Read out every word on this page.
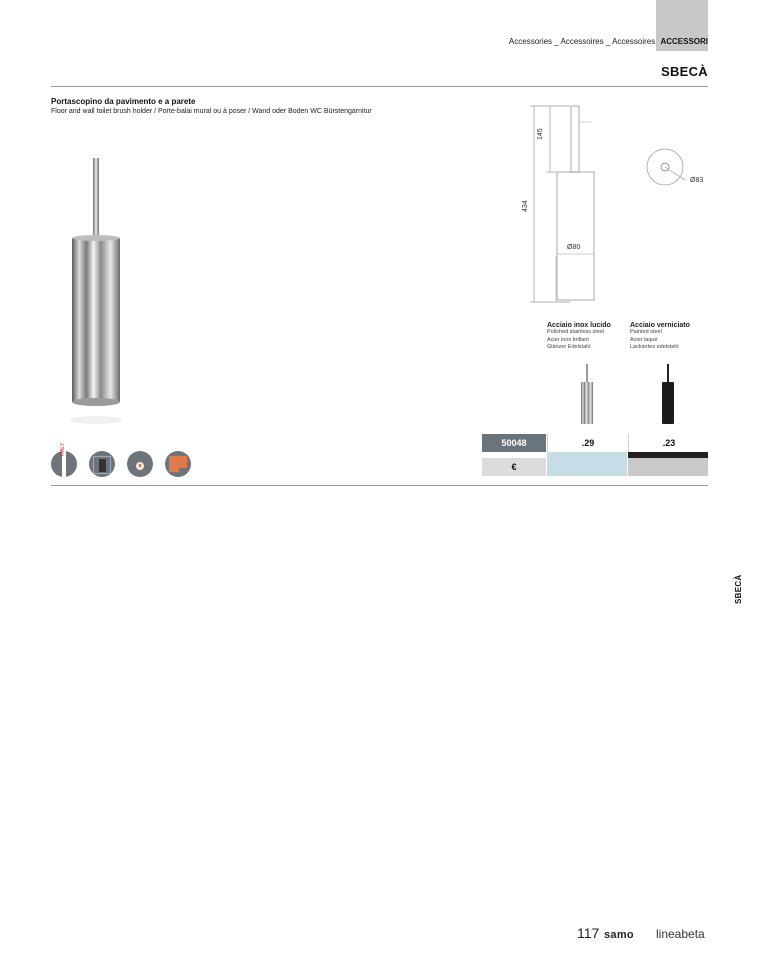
Accessories _ Accessoires _ Accessoires ACCESSORI
SBECÀ
Portascopino da pavimento e a parete
Floor and wall toilet brush holder / Porte-balai mural ou à poser / Wand oder Boden WC Bürstengarnitur
ITALY
145
434
Ø80
Ø83
Acciaio inox lucido
Polished stainless steel
Acier inox brillant
Glänzer Edelstahl
Acciaio verniciato
Painted steel
Acier laqué
Lackiertes edelstahl
50048	.29	.23
€
SBECÀ
117 samo lineabeta
